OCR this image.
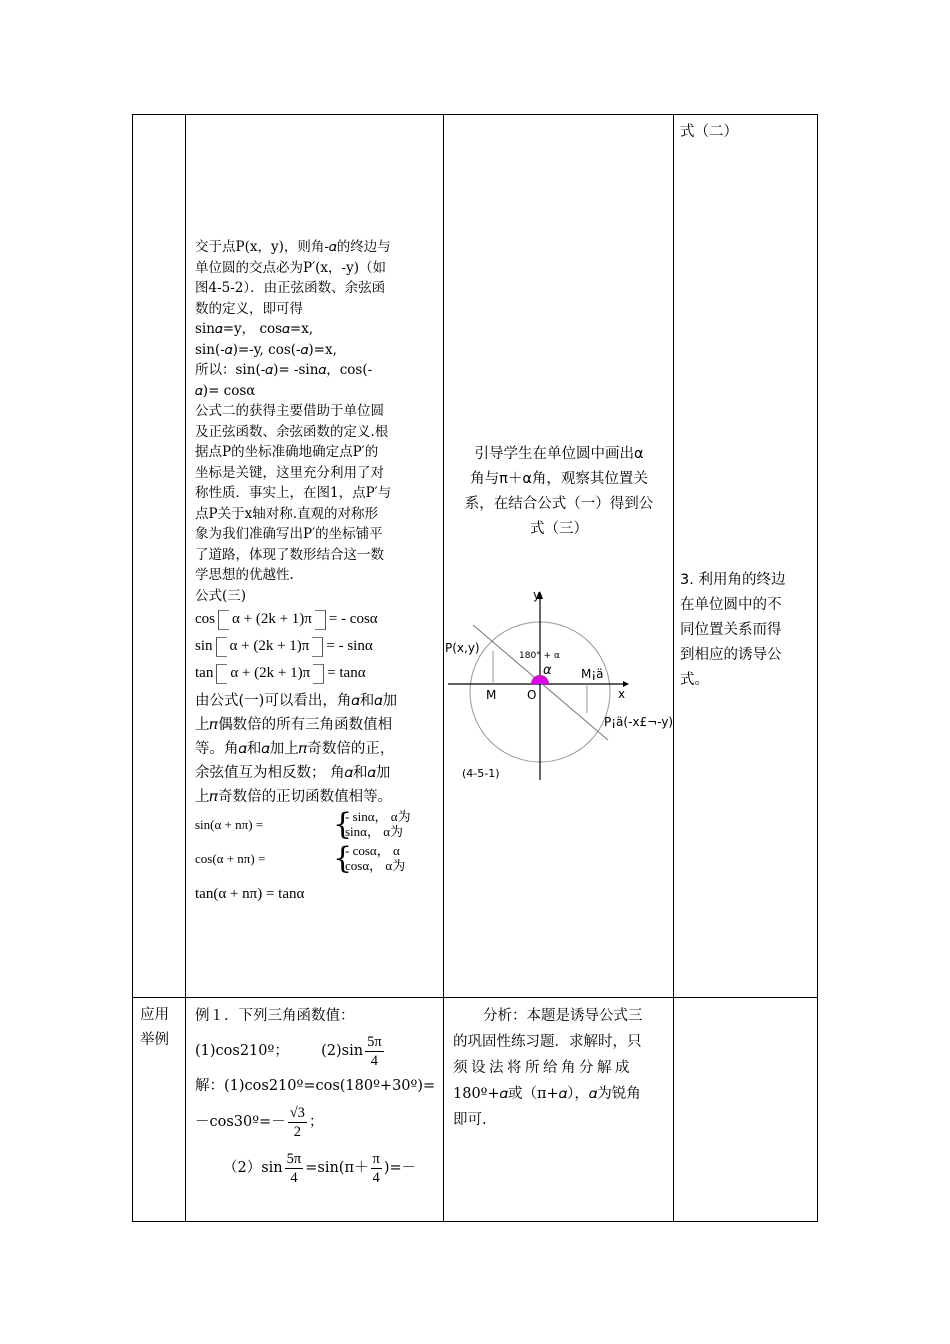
交于点P(x，y)，则角-𝛼的终边与
单位圆的交点必为P′(x，-y)（如
图4-5-2）．由正弦函数、余弦函
数的定义，即可得
sin𝛼=y， cos𝛼=x,
sin(-𝛼)=-y, cos(-𝛼)=x,
所以：sin(-𝛼)= -sin𝛼，cos(-
𝛼)= cosα
公式二的获得主要借助于单位圆
及正弦函数、余弦函数的定义.根
据点P的坐标准确地确定点P′的
坐标是关键，这里充分利用了对
称性质．事实上，在图1，点P′与
点P关于x轴对称.直观的对称形
象为我们准确写出P′的坐标铺平
了道路，体现了数形结合这一数
学思想的优越性.
公式(三)
cos α + (2k + 1)π = - cosα
sin α + (2k + 1)π = - sinα
tan α + (2k + 1)π = tanα
由公式(一)可以看出，角𝛼和𝛼加
上𝜋偶数倍的所有三角函数值相
等。角𝛼和𝛼加上𝜋奇数倍的正，
余弦值互为相反数； 角𝛼和𝛼加
上𝜋奇数倍的正切函数值相等。
sin(α + nπ) = {
- sinα， α为
sinα， α为
cos(α + nπ) = {
- cosα， α
cosα， α为
tan(α + nπ) = tanα
引导学生在单位圆中画出α
角与π＋α角，观察其位置关
系，在结合公式（一）得到公
式（三）
y
x
P(x,y)
180° + α
α
M	O
M¡ä
P¡ä(-x£¬-y)
(4-5-1)
式（二）
3. 利用角的终边
在单位圆中的不
同位置关系而得
到相应的诱导公
式。
应用
举例
例１．下列三角函数值：
(1)cos210º； $(2)\sin \frac{5\pi}{4}$
解：(1)cos210º=cos(180º+30º)=
－cos30º=－ $\frac{√3}{2}$ ；
$(2)\sin \frac{5\pi}{4} =\sin(\pi+ \frac{\pi}{4}$ )=－
分析：本题是诱导公式三
的巩固性练习题．求解时，只
须设法将所给角分解成
180º+𝛼或（π+𝛼），𝛼为锐角
即可.
